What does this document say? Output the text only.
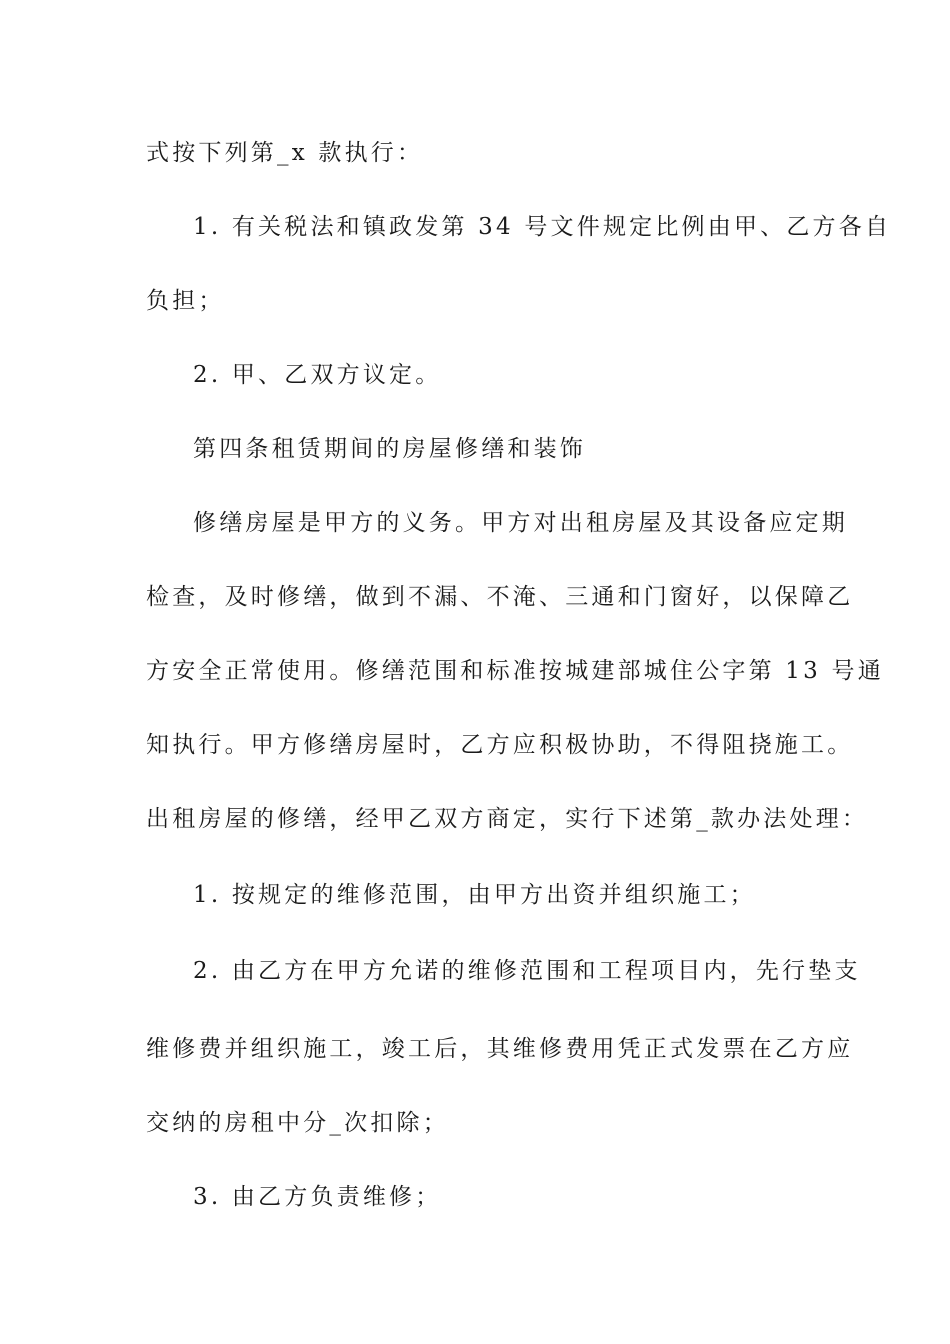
式按下列第_x 款执行：
1. 有关税法和镇政发第 34 号文件规定比例由甲、乙方各自
负担；
2. 甲、乙双方议定。
第四条租赁期间的房屋修缮和装饰
修缮房屋是甲方的义务。甲方对出租房屋及其设备应定期
检查，及时修缮，做到不漏、不淹、三通和门窗好，以保障乙
方安全正常使用。修缮范围和标准按城建部城住公字第 13 号通
知执行。甲方修缮房屋时，乙方应积极协助，不得阻挠施工。
出租房屋的修缮，经甲乙双方商定，实行下述第_款办法处理：
1. 按规定的维修范围，由甲方出资并组织施工；
2. 由乙方在甲方允诺的维修范围和工程项目内，先行垫支
维修费并组织施工，竣工后，其维修费用凭正式发票在乙方应
交纳的房租中分_次扣除；
3. 由乙方负责维修；
